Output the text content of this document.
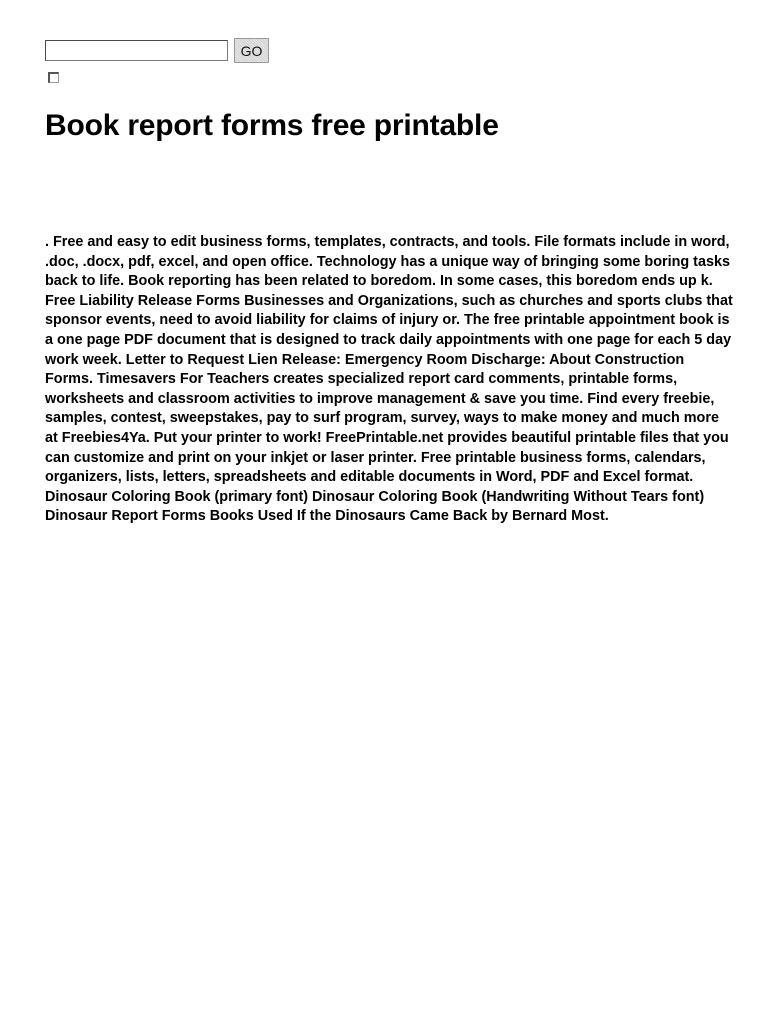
GO
Book report forms free printable

. Free and easy to edit business forms, templates, contracts, and tools. File formats include in word, .doc, .docx, pdf, excel, and open office. Technology has a unique way of bringing some boring tasks back to life. Book reporting has been related to boredom. In some cases, this boredom ends up k. Free Liability Release Forms Businesses and Organizations, such as churches and sports clubs that sponsor events, need to avoid liability for claims of injury or. The free printable appointment book is a one page PDF document that is designed to track daily appointments with one page for each 5 day work week. Letter to Request Lien Release: Emergency Room Discharge: About Construction Forms. Timesavers For Teachers creates specialized report card comments, printable forms, worksheets and classroom activities to improve management & save you time. Find every freebie, samples, contest, sweepstakes, pay to surf program, survey, ways to make money and much more at Freebies4Ya. Put your printer to work! FreePrintable.net provides beautiful printable files that you can customize and print on your inkjet or laser printer. Free printable business forms, calendars, organizers, lists, letters, spreadsheets and editable documents in Word, PDF and Excel format. Dinosaur Coloring Book (primary font) Dinosaur Coloring Book (Handwriting Without Tears font) Dinosaur Report Forms Books Used If the Dinosaurs Came Back by Bernard Most.
